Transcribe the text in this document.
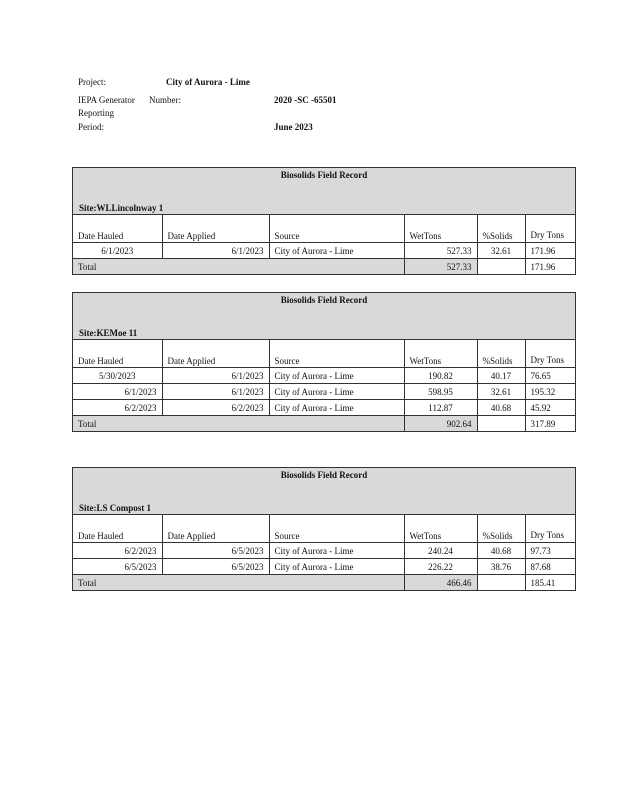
Project:	City of Aurora - Lime
IEPA Generator Number:	2020 -SC -65501
Reporting
Period:	June 2023
Biosolids Field Record
Site:WLLincolnway 1
Date Hauled	Date Applied	Source	WetTons	%Solids	Dry Tons
6/1/2023	6/1/2023	City of Aurora - Lime	527.33	32.61	171.96
Total			527.33		171.96
Biosolids Field Record
Site:KEMoe 11
Date Hauled	Date Applied	Source	WetTons	%Solids	Dry Tons
5/30/2023	6/1/2023	City of Aurora - Lime	190.82	40.17	76.65
6/1/2023	6/1/2023	City of Aurora - Lime	598.95	32.61	195.32
6/2/2023	6/2/2023	City of Aurora - Lime	112.87	40.68	45.92
Total			902.64		317.89
Biosolids Field Record
Site:LS Compost 1
Date Hauled	Date Applied	Source	WetTons	%Solids	Dry Tons
6/2/2023	6/5/2023	City of Aurora - Lime	240.24	40.68	97.73
6/5/2023	6/5/2023	City of Aurora - Lime	226.22	38.76	87.68
Total			466.46		185.41
